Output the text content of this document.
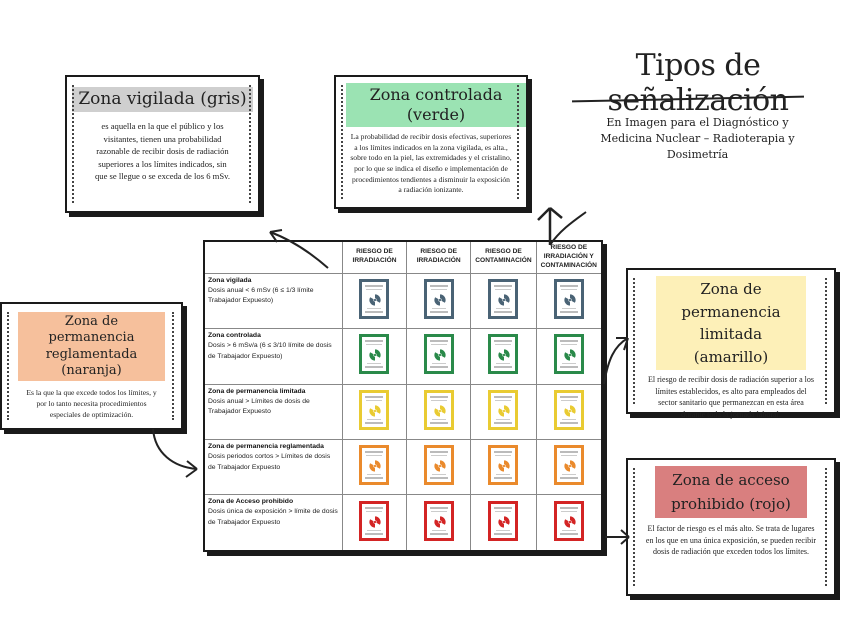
Tipos de señalización
En Imagen para el Diagnóstico y Medicina Nuclear – Radioterapia y Dosimetría
Zona vigilada (gris)
es aquella en la que el público y los visitantes, tienen una probabilidad razonable de recibir dosis de radiación superiores a los límites indicados, sin que se llegue o se exceda de los 6 mSv.
Zona controlada (verde)
La probabilidad de recibir dosis efectivas, superiores a los límites indicados en la zona vigilada, es alta., sobre todo en la piel, las extremidades y el cristalino, por lo que se indica el diseño e implementación de procedimientos tendientes a disminuir la exposición a radiación ionizante.
Zona de permanencia reglamentada (naranja)
Es la que la que excede todos los límites, y por lo tanto necesita procedimientos especiales de optimización.
Zona de permanencia limitada (amarillo)
El riesgo de recibir dosis de radiación superior a los límites establecidos, es alto para empleados del sector sanitario que permanezcan en esta área durante toda la jornada laboral.
Zona de acceso prohibido (rojo)
El factor de riesgo es el más alto. Se trata de lugares en los que en una única exposición, se pueden recibir dosis de radiación que exceden todos los límites.
	RIESGO DE IRRADIACIÓN	RIESGO DE IRRADIACIÓN	RIESGO DE CONTAMINACIÓN	RIESGO DE IRRADIACIÓN Y CONTAMINACIÓN

Zona vigilada
Dosis anual < 6 mSv (6 ≤ 1/3 límite Trabajador Expuesto)

Zona controlada
Dosis > 6 mSv/a (6 ≤ 3/10 límite de dosis de Trabajador Expuesto)

Zona de permanencia limitada
Dosis anual > Límites de dosis de Trabajador Expuesto

Zona de permanencia reglamentada
Dosis periodos cortos > Límites de dosis de Trabajador Expuesto

Zona de Acceso prohibido
Dosis única de exposición > límite de dosis de Trabajador Expuesto
